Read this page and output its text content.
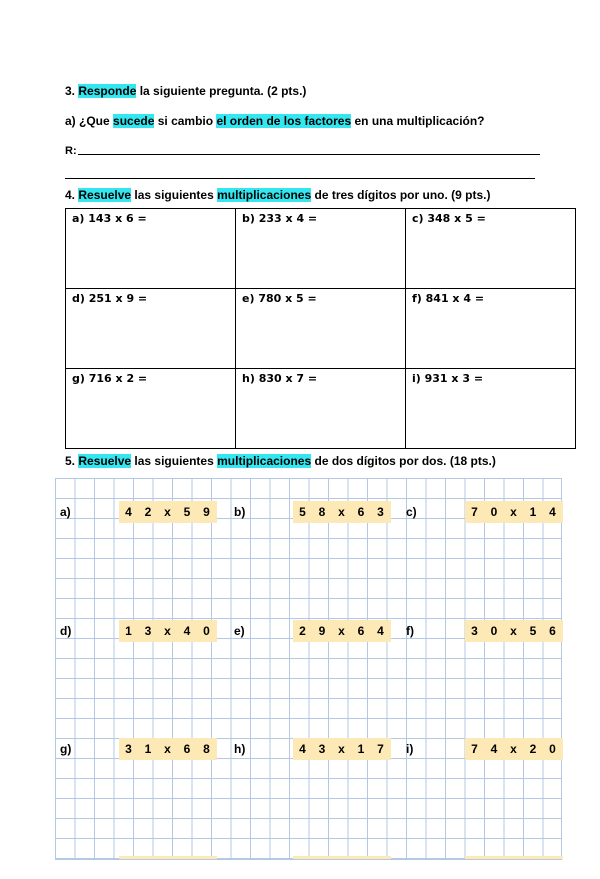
3. Responde la siguiente pregunta. (2 pts.)
a) ¿Que sucede si cambio el orden de los factores en una multiplicación?
R:
4. Resuelve las siguientes multiplicaciones de tres dígitos por uno. (9 pts.)
a) 143 x 6 =	b) 233 x 4 =	c) 348 x 5 =
d) 251 x 9 =	e) 780 x 5 =	f) 841 x 4 =
g) 716 x 2 =	h) 830 x 7 =	i) 931 x 3 =
5. Resuelve las siguientes multiplicaciones de dos dígitos por dos. (18 pts.)
a)	4	2	x	5	9	b)	5	8	x	6	3	c)	7	0	x	1	4
d)	1	3	x	4	0	e)	2	9	x	6	4	f)	3	0	x	5	6
g)	3	1	x	6	8	h)	4	3	x	1	7	i)	7	4	x	2	0
